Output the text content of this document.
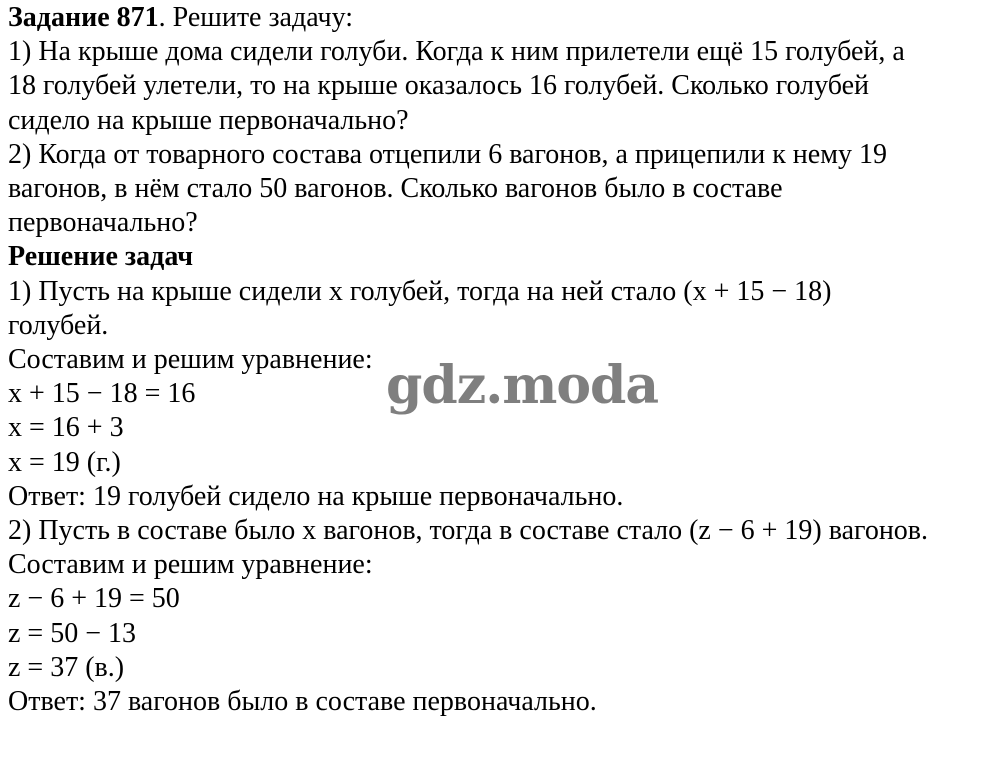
Задание 871. Решите задачу:
1) На крыше дома сидели голуби. Когда к ним прилетели ещё 15 голубей, а
18 голубей улетели, то на крыше оказалось 16 голубей. Сколько голубей
сидело на крыше первоначально?
2) Когда от товарного состава отцепили 6 вагонов, а прицепили к нему 19
вагонов, в нём стало 50 вагонов. Сколько вагонов было в составе
первоначально?
Решение задач
1) Пусть на крыше сидели х голубей, тогда на ней стало (х + 15 − 18)
голубей.
Составим и решим уравнение:
х + 15 − 18 = 16
х = 16 + 3
х = 19 (г.)
Ответ: 19 голубей сидело на крыше первоначально.
2) Пусть в составе было х вагонов, тогда в составе стало (z − 6 + 19) вагонов.
Составим и решим уравнение:
z − 6 + 19 = 50
z = 50 − 13
z = 37 (в.)
Ответ: 37 вагонов было в составе первоначально.
gdz.moda
